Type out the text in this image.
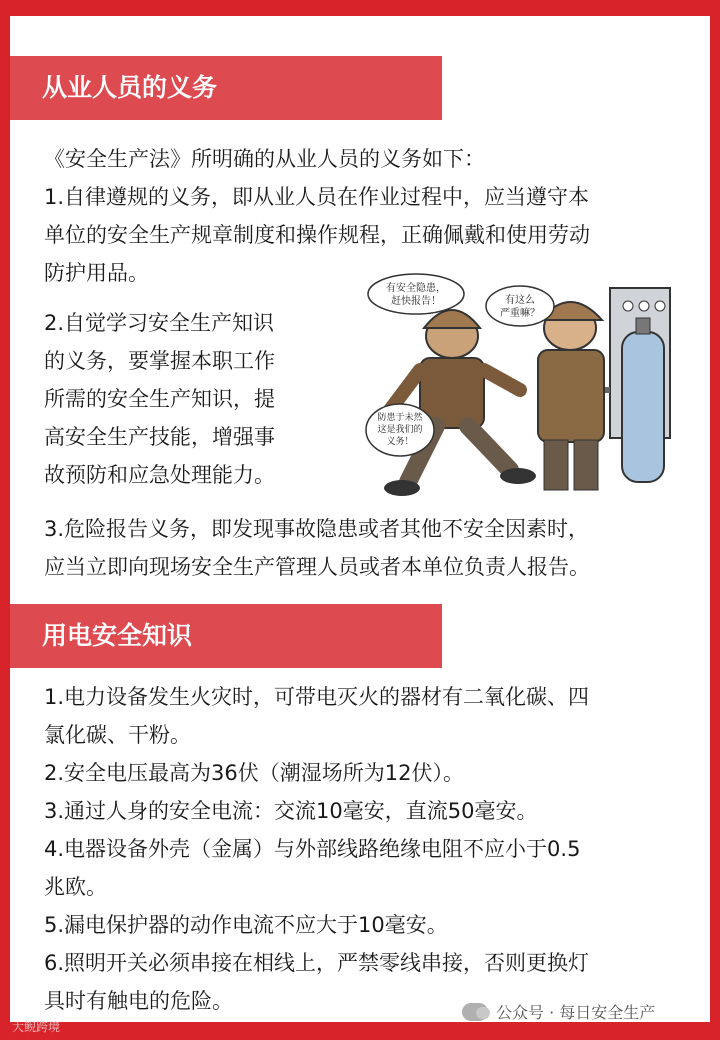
从业人员的义务
《安全生产法》所明确的从业人员的义务如下：
1.自律遵规的义务，即从业人员在作业过程中，应当遵守本
单位的安全生产规章制度和操作规程，正确佩戴和使用劳动
防护用品。
2.自觉学习安全生产知识
的义务，要掌握本职工作
所需的安全生产知识，提
高安全生产技能，增强事
故预防和应急处理能力。
有安全隐患，
赶快报告！	有这么
严重嘛？
防患于未然
这是我们的
义务！
3.危险报告义务，即发现事故隐患或者其他不安全因素时，
应当立即向现场安全生产管理人员或者本单位负责人报告。
用电安全知识
1.电力设备发生火灾时，可带电灭火的器材有二氧化碳、四
氯化碳、干粉。
2.安全电压最高为36伏（潮湿场所为12伏）。
3.通过人身的安全电流：交流10毫安，直流50毫安。
4.电器设备外壳（金属）与外部线路绝缘电阻不应小于0.5
兆欧。
5.漏电保护器的动作电流不应大于10毫安。
6.照明开关必须串接在相线上，严禁零线串接，否则更换灯
具时有触电的危险。	公众号 · 每日安全生产
大鲵跨境
